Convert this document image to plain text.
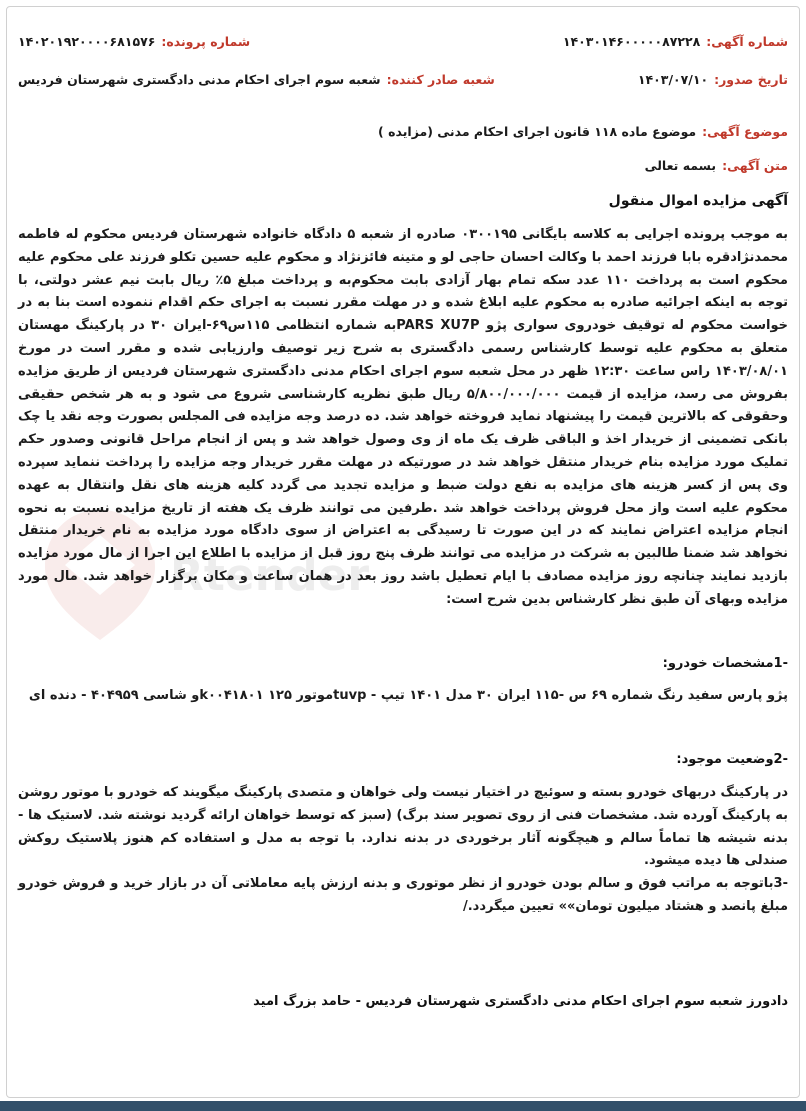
شماره آگهی:
۱۴۰۳۰۱۴۶۰۰۰۰۰۸۷۲۲۸
شماره پرونده:
۱۴۰۲۰۱۹۲۰۰۰۰۶۸۱۵۷۶
تاریخ صدور:
۱۴۰۳/۰۷/۱۰
شعبه صادر کننده:
شعبه سوم اجرای احکام مدنی دادگستری شهرستان فردیس
موضوع آگهی:
موضوع ماده ۱۱۸ قانون اجرای احکام مدنی (مزایده )
متن آگهی:
بسمه تعالی
آگهی مزایده اموال منقول
به موجب پرونده اجرایی به کلاسه بایگانی ۰۳۰۰۱۹۵ صادره از شعبه ۵ دادگاه خانواده شهرستان فردیس محکوم له فاطمه محمدنژادقره بابا فرزند احمد با وکالت احسان حاجی لو و متینه فائزنژاد و محکوم علیه حسین تکلو فرزند علی محکوم علیه محکوم است به پرداخت ۱۱۰ عدد سکه تمام بهار آزادی بابت محکوم‌به و پرداخت مبلغ ۵٪ ریال بابت نیم عشر دولتی، با توجه به اینکه اجرائیه صادره به محکوم علیه ابلاغ شده و در مهلت مقرر نسبت به اجرای حکم اقدام ننموده است بنا به در خواست محکوم له توقیف خودروی سواری پژو PARS XU7Pبه شماره انتظامی ۱۱۵س۶۹-ایران ۳۰ در پارکینگ مهستان متعلق به محکوم علیه توسط کارشناس رسمی دادگستری به شرح زیر توصیف وارزیابی شده و مقرر است در مورخ ۱۴۰۳/۰۸/۰۱ راس ساعت ۱۲:۳۰ ظهر در محل شعبه سوم اجرای احکام مدنی دادگستری شهرستان فردیس از طریق مزایده بفروش می رسد، مزایده از قیمت ۵/۸۰۰/۰۰۰/۰۰۰ ریال طبق نظریه کارشناسی شروع می شود و به هر شخص حقیقی وحقوقی که بالاترین قیمت را پیشنهاد نماید فروخته خواهد شد. ده درصد وجه مزایده فی المجلس بصورت وجه نقد یا چک بانکی تضمینی از خریدار اخذ و الباقی ظرف یک ماه از وی وصول خواهد شد و پس از انجام مراحل قانونی وصدور حکم تملیک مورد مزایده بنام خریدار منتقل خواهد شد در صورتیکه در مهلت مقرر خریدار وجه مزایده را پرداخت ننماید سپرده وی پس از کسر هزینه های مزایده به نفع دولت ضبط و مزایده تجدید می گردد کلیه هزینه های نقل وانتقال به عهده محکوم علیه است واز محل فروش پرداخت خواهد شد .طرفین می توانند ظرف یک هفته از تاریخ مزایده نسبت به نحوه انجام مزایده اعتراض نمایند که در این صورت تا رسیدگی به اعتراض از سوی دادگاه مورد مزایده به نام خریدار منتقل نخواهد شد ضمنا طالبین به شرکت در مزایده می توانند ظرف پنج روز قبل از مزایده با اطلاع این اجرا از مال مورد مزایده بازدید نمایند چنانچه روز مزایده مصادف با ایام تعطیل باشد روز بعد در همان ساعت و مکان برگزار خواهد شد. مال مورد مزایده وبهای آن طبق نظر کارشناس بدین شرح است:
-1مشخصات خودرو:
پژو پارس سفید رنگ شماره ۶۹ س -۱۱۵ ایران ۳۰ مدل ۱۴۰۱ تیپ - tuvpموتور ۱۲۵ k۰۰۴۱۸۰۱و شاسی ۴۰۴۹۵۹ - دنده ای
-2وضعیت موجود:
در پارکینگ دربهای خودرو بسته و سوئیچ در اختیار نیست ولی خواهان و متصدی پارکینگ میگویند که خودرو با موتور روشن به پارکینگ آورده شد. مشخصات فنی از روی تصویر سند برگ) (سبز که توسط خواهان ارائه گردید نوشته شد. لاستیک ها - بدنه شیشه ها تماماً سالم و هیچگونه آثار برخوردی در بدنه ندارد. با توجه به مدل و استفاده کم هنوز پلاستیک روکش صندلی ها دیده میشود.
-3باتوجه به مراتب فوق و سالم بودن خودرو از نظر موتوری و بدنه ارزش پایه معاملاتی آن در بازار خرید و فروش خودرو مبلغ پانصد و هشتاد میلیون تومان»» تعیین میگردد./
دادورز شعبه سوم اجرای احکام مدنی دادگستری شهرستان فردیس - حامد بزرگ امید
